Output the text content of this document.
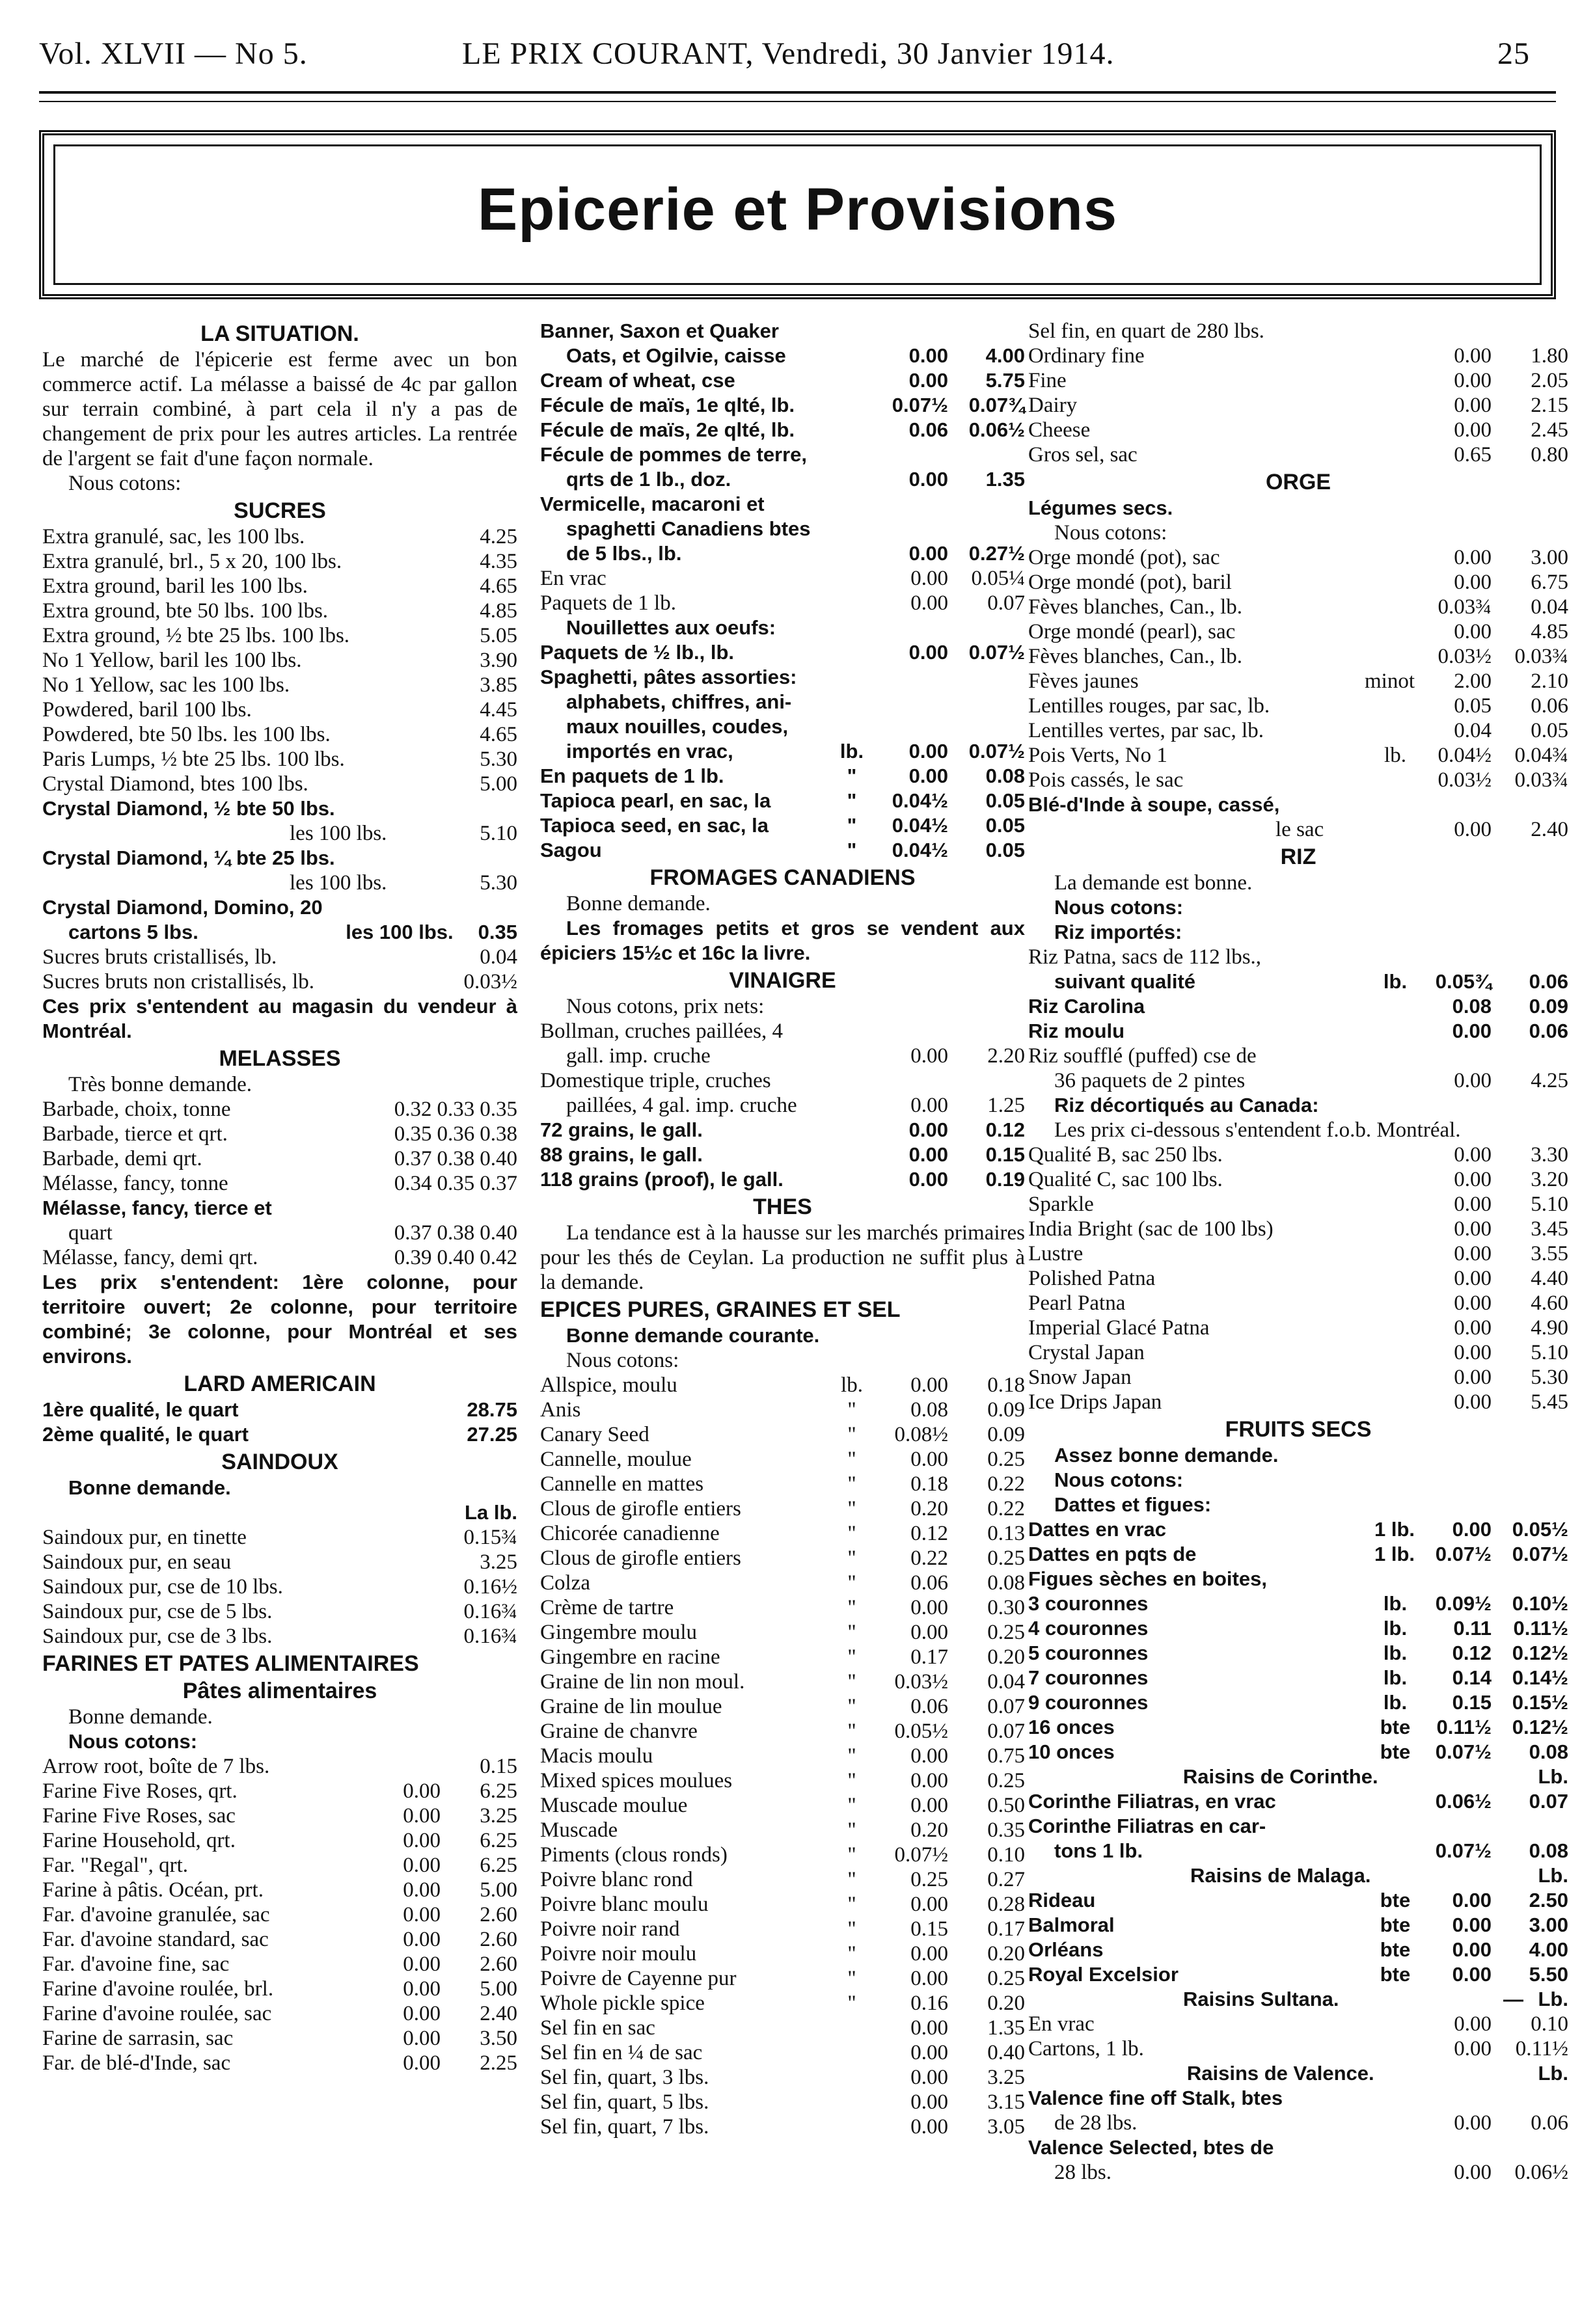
Vol. XLVII — No 5.	LE PRIX COURANT, Vendredi, 30 Janvier 1914.	25
Epicerie et Provisions
LA SITUATION.

Le marché de l'épicerie est ferme avec un bon commerce actif. La mélasse a baissé de 4c par gallon sur terrain combiné, à part cela il n'y a pas de changement de prix pour les autres articles. La rentrée de l'argent se fait d'une façon normale.

Nous cotons:
SUCRES
Extra granulé, sac, les 100 lbs.	4.25
Extra granulé, brl., 5 x 20, 100 lbs.	4.35
Extra ground, baril les 100 lbs.	4.65
Extra ground, bte 50 lbs. 100 lbs.	4.85
Extra ground, ½ bte 25 lbs. 100 lbs.	5.05
No 1 Yellow, baril les 100 lbs.	3.90
No 1 Yellow, sac les 100 lbs.	3.85
Powdered, baril 100 lbs.	4.45
Powdered, bte 50 lbs. les 100 lbs.	4.65
Paris Lumps, ½ bte 25 lbs. 100 lbs.	5.30
Crystal Diamond, btes 100 lbs.	5.00
Crystal Diamond, ½ bte 50 lbs.
les 100 lbs.	5.10
Crystal Diamond, ¼ bte 25 lbs.
les 100 lbs.	5.30
Crystal Diamond, Domino, 20
cartons 5 lbs.	les 100 lbs.	0.35
Sucres bruts cristallisés, lb.	0.04
Sucres bruts non cristallisés, lb.	0.03½

Ces prix s'entendent au magasin du vendeur à Montréal.

MELASSES
Très bonne demande.
Barbade, choix, tonne	0.32 0.33 0.35
Barbade, tierce et qrt.	0.35 0.36 0.38
Barbade, demi qrt.	0.37 0.38 0.40
Mélasse, fancy, tonne	0.34 0.35 0.37
Mélasse, fancy, tierce et
quart	0.37 0.38 0.40
Mélasse, fancy, demi qrt.	0.39 0.40 0.42

Les prix s'entendent: 1ère colonne, pour territoire ouvert; 2e colonne, pour territoire combiné; 3e colonne, pour Montréal et ses environs.

LARD AMERICAIN
1ère qualité, le quart	28.75
2ème qualité, le quart	27.25
SAINDOUX
Bonne demande.
La lb.
Saindoux pur, en tinette	0.15¾
Saindoux pur, en seau	3.25
Saindoux pur, cse de 10 lbs.	0.16½
Saindoux pur, cse de 5 lbs.	0.16¾
Saindoux pur, cse de 3 lbs.	0.16¾
FARINES ET PATES ALIMENTAIRES
Pâtes alimentaires
Bonne demande.
Nous cotons:
Arrow root, boîte de 7 lbs.	0.15
Farine Five Roses, qrt.	0.00	6.25
Farine Five Roses, sac	0.00	3.25
Farine Household, qrt.	0.00	6.25
Far. "Regal", qrt.	0.00	6.25
Farine à pâtis. Océan, prt.	0.00	5.00
Far. d'avoine granulée, sac	0.00	2.60
Far. d'avoine standard, sac	0.00	2.60
Far. d'avoine fine, sac	0.00	2.60
Farine d'avoine roulée, brl.	0.00	5.00
Farine d'avoine roulée, sac	0.00	2.40
Farine de sarrasin, sac	0.00	3.50
Far. de blé-d'Inde, sac	0.00	2.25
Banner, Saxon et Quaker
Oats, et Ogilvie, caisse	0.00	4.00
Cream of wheat, cse	0.00	5.75
Fécule de maïs, 1e qlté, lb.	0.07½	0.07¾
Fécule de maïs, 2e qlté, lb.	0.06	0.06½
Fécule de pommes de terre,
qrts de 1 lb., doz.	0.00	1.35
Vermicelle, macaroni et
spaghetti Canadiens btes
de 5 lbs., lb.	0.00	0.27½
En vrac	0.00	0.05¼
Paquets de 1 lb.	0.00	0.07
Nouillettes aux oeufs:
Paquets de ½ lb., lb.	0.00	0.07½
Spaghetti, pâtes assorties:
alphabets, chiffres, ani-
maux nouilles, coudes,
importés en vrac,	lb.	0.00	0.07½
En paquets de 1 lb.	"	0.00	0.08
Tapioca pearl, en sac, la	"	0.04½	0.05
Tapioca seed, en sac, la	"	0.04½	0.05
Sagou	"	0.04½	0.05
FROMAGES CANADIENS
Bonne demande.

Les fromages petits et gros se vendent aux épiciers 15½c et 16c la livre.

VINAIGRE
Nous cotons, prix nets:
Bollman, cruches paillées, 4
gall. imp. cruche	0.00	2.20
Domestique triple, cruches
paillées, 4 gal. imp. cruche	0.00	1.25
72 grains, le gall.	0.00	0.12
88 grains, le gall.	0.00	0.15
118 grains (proof), le gall.	0.00	0.19
THES

La tendance est à la hausse sur les marchés primaires pour les thés de Ceylan. La production ne suffit plus à la demande.

EPICES PURES, GRAINES ET SEL
Bonne demande courante.
Nous cotons:
Allspice, moulu	lb.	0.00	0.18
Anis	"	0.08	0.09
Canary Seed	"	0.08½	0.09
Cannelle, moulue	"	0.00	0.25
Cannelle en mattes	"	0.18	0.22
Clous de girofle entiers	"	0.20	0.22
Chicorée canadienne	"	0.12	0.13
Clous de girofle entiers	"	0.22	0.25
Colza	"	0.06	0.08
Crème de tartre	"	0.00	0.30
Gingembre moulu	"	0.00	0.25
Gingembre en racine	"	0.17	0.20
Graine de lin non moul.	"	0.03½	0.04
Graine de lin moulue	"	0.06	0.07
Graine de chanvre	"	0.05½	0.07
Macis moulu	"	0.00	0.75
Mixed spices moulues	"	0.00	0.25
Muscade moulue	"	0.00	0.50
Muscade	"	0.20	0.35
Piments (clous ronds)	"	0.07½	0.10
Poivre blanc rond	"	0.25	0.27
Poivre blanc moulu	"	0.00	0.28
Poivre noir rand	"	0.15	0.17
Poivre noir moulu	"	0.00	0.20
Poivre de Cayenne pur	"	0.00	0.25
Whole pickle spice	"	0.16	0.20
Sel fin en sac	0.00	1.35
Sel fin en ¼ de sac	0.00	0.40
Sel fin, quart, 3 lbs.	0.00	3.25
Sel fin, quart, 5 lbs.	0.00	3.15
Sel fin, quart, 7 lbs.	0.00	3.05
Sel fin, en quart de 280 lbs.
Ordinary fine	0.00	1.80
Fine	0.00	2.05
Dairy	0.00	2.15
Cheese	0.00	2.45
Gros sel, sac	0.65	0.80
ORGE
Légumes secs.
Nous cotons:
Orge mondé (pot), sac	0.00	3.00
Orge mondé (pot), baril	0.00	6.75
Fèves blanches, Can., lb.	0.03¾	0.04
Orge mondé (pearl), sac	0.00	4.85
Fèves blanches, Can., lb.	0.03½	0.03¾
Fèves jaunes	minot	2.00	2.10
Lentilles rouges, par sac, lb.	0.05	0.06
Lentilles vertes, par sac, lb.	0.04	0.05
Pois Verts, No 1	lb.	0.04½	0.04¾
Pois cassés, le sac	0.03½	0.03¾
Blé-d'Inde à soupe, cassé,
le sac	0.00	2.40
RIZ
La demande est bonne.
Nous cotons:
Riz importés:
Riz Patna, sacs de 112 lbs.,
suivant qualité	lb.	0.05¾	0.06
Riz Carolina	0.08	0.09
Riz moulu	0.00	0.06
Riz soufflé (puffed) cse de
36 paquets de 2 pintes	0.00	4.25
Riz décortiqués au Canada:

Les prix ci-dessous s'entendent f.o.b. Montréal.

Qualité B, sac 250 lbs.	0.00	3.30
Qualité C, sac 100 lbs.	0.00	3.20
Sparkle	0.00	5.10
India Bright (sac de 100 lbs)	0.00	3.45
Lustre	0.00	3.55
Polished Patna	0.00	4.40
Pearl Patna	0.00	4.60
Imperial Glacé Patna	0.00	4.90
Crystal Japan	0.00	5.10
Snow Japan	0.00	5.30
Ice Drips Japan	0.00	5.45
FRUITS SECS
Assez bonne demande.
Nous cotons:
Dattes et figues:
Dattes en vrac	1 lb.	0.00	0.05½
Dattes en pqts de	1 lb.	0.07½	0.07½
Figues sèches en boites,
3 couronnes	lb.	0.09½	0.10½
4 couronnes	lb.	0.11	0.11½
5 couronnes	lb.	0.12	0.12½
7 couronnes	lb.	0.14	0.14½
9 couronnes	lb.	0.15	0.15½
16 onces	bte	0.11½	0.12½
10 onces	bte	0.07½	0.08
Raisins de Corinthe.	Lb.
Corinthe Filiatras, en vrac	0.06½	0.07
Corinthe Filiatras en car-
tons 1 lb.	0.07½	0.08
Raisins de Malaga.	Lb.
Rideau	bte	0.00	2.50
Balmoral	bte	0.00	3.00
Orléans	bte	0.00	4.00
Royal Excelsior	bte	0.00	5.50
Raisins Sultana.	— Lb.
En vrac	0.00	0.10
Cartons, 1 lb.	0.00	0.11½
Raisins de Valence.	Lb.
Valence fine off Stalk, btes
de 28 lbs.	0.00	0.06
Valence Selected, btes de
28 lbs.	0.00	0.06½
